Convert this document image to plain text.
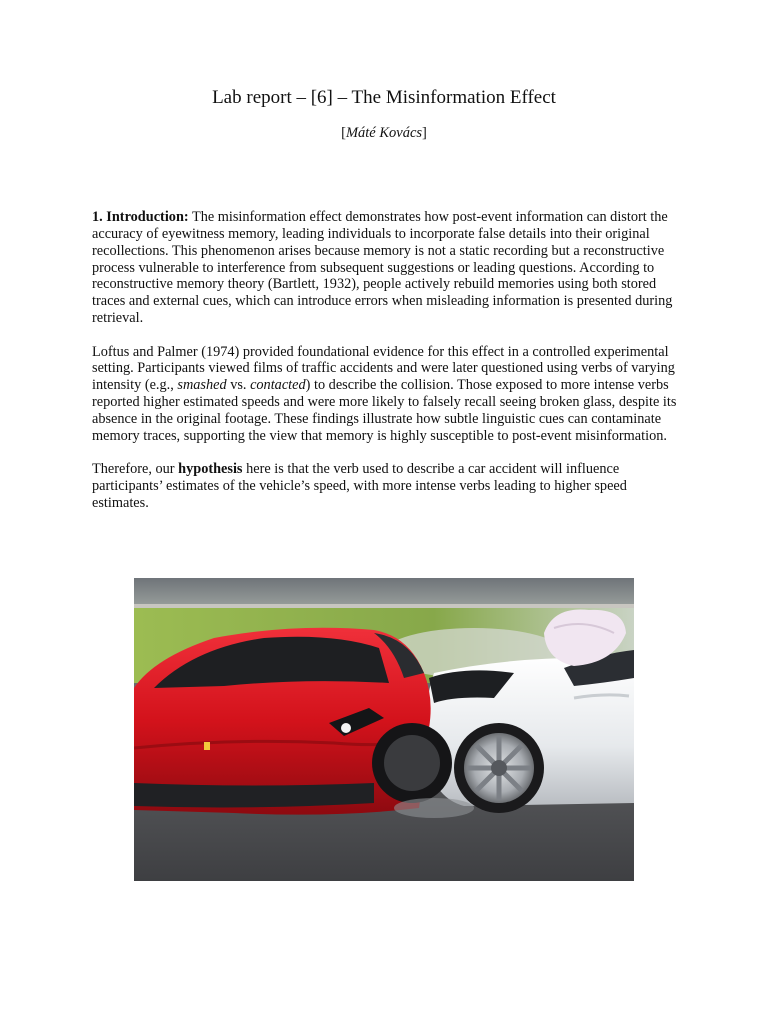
Lab report – [6] – The Misinformation Effect
[Máté Kovács]

1. Introduction: The misinformation effect demonstrates how post-event information can distort the accuracy of eyewitness memory, leading individuals to incorporate false details into their original recollections. This phenomenon arises because memory is not a static recording but a reconstructive process vulnerable to interference from subsequent suggestions or leading questions. According to reconstructive memory theory (Bartlett, 1932), people actively rebuild memories using both stored traces and external cues, which can introduce errors when misleading information is presented during retrieval.

Loftus and Palmer (1974) provided foundational evidence for this effect in a controlled experimental setting. Participants viewed films of traffic accidents and were later questioned using verbs of varying intensity (e.g., smashed vs. contacted) to describe the collision. Those exposed to more intense verbs reported higher estimated speeds and were more likely to falsely recall seeing broken glass, despite its absence in the original footage. These findings illustrate how subtle linguistic cues can contaminate memory traces, supporting the view that memory is highly susceptible to post-event misinformation.

Therefore, our hypothesis here is that the verb used to describe a car accident will influence participants’ estimates of the vehicle’s speed, with more intense verbs leading to higher speed estimates.
